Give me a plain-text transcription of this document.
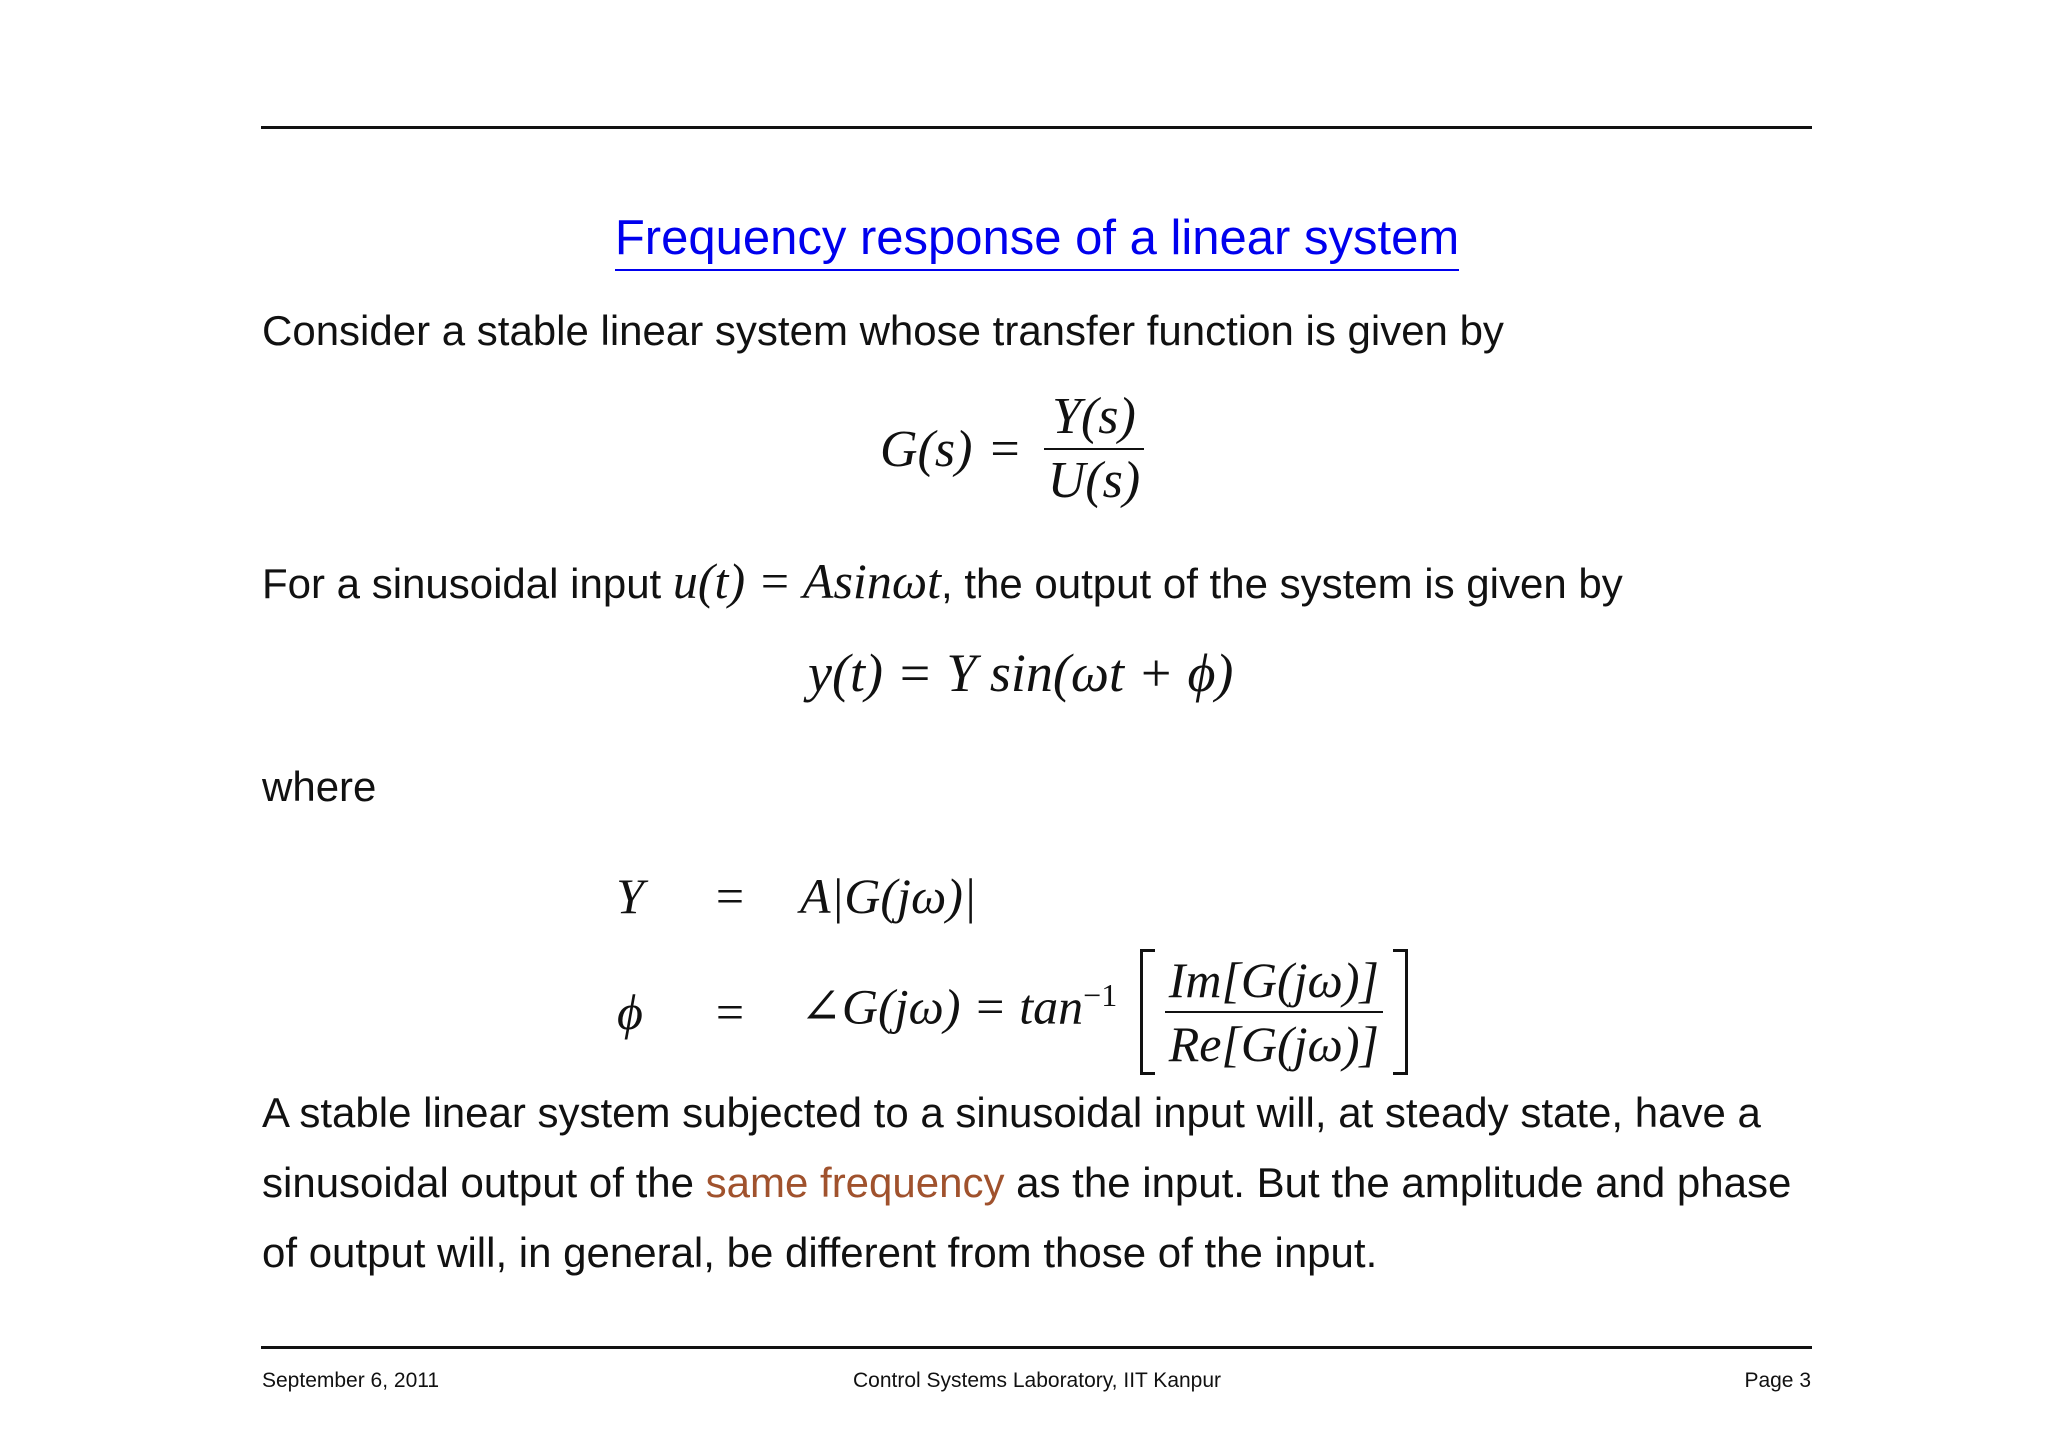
Frequency response of a linear system
Consider a stable linear system whose transfer function is given by
$G(s) = \frac{Y(s)}{U(s)}$
For a sinusoidal input u(t) = Asinωt, the output of the system is given by
y(t) = Y sin(ωt + ϕ)
where
Y	=	A|G(jω)|
ϕ	=	∠G(jω) = $\tan^{-1} \frac{Im[G(j\omega)]}{Re[G(j\omega)]}$
A stable linear system subjected to a sinusoidal input will, at steady state, have a
sinusoidal output of the same frequency as the input. But the amplitude and phase
of output will, in general, be different from those of the input.
September 6, 2011	Control Systems Laboratory, IIT Kanpur	Page 3
